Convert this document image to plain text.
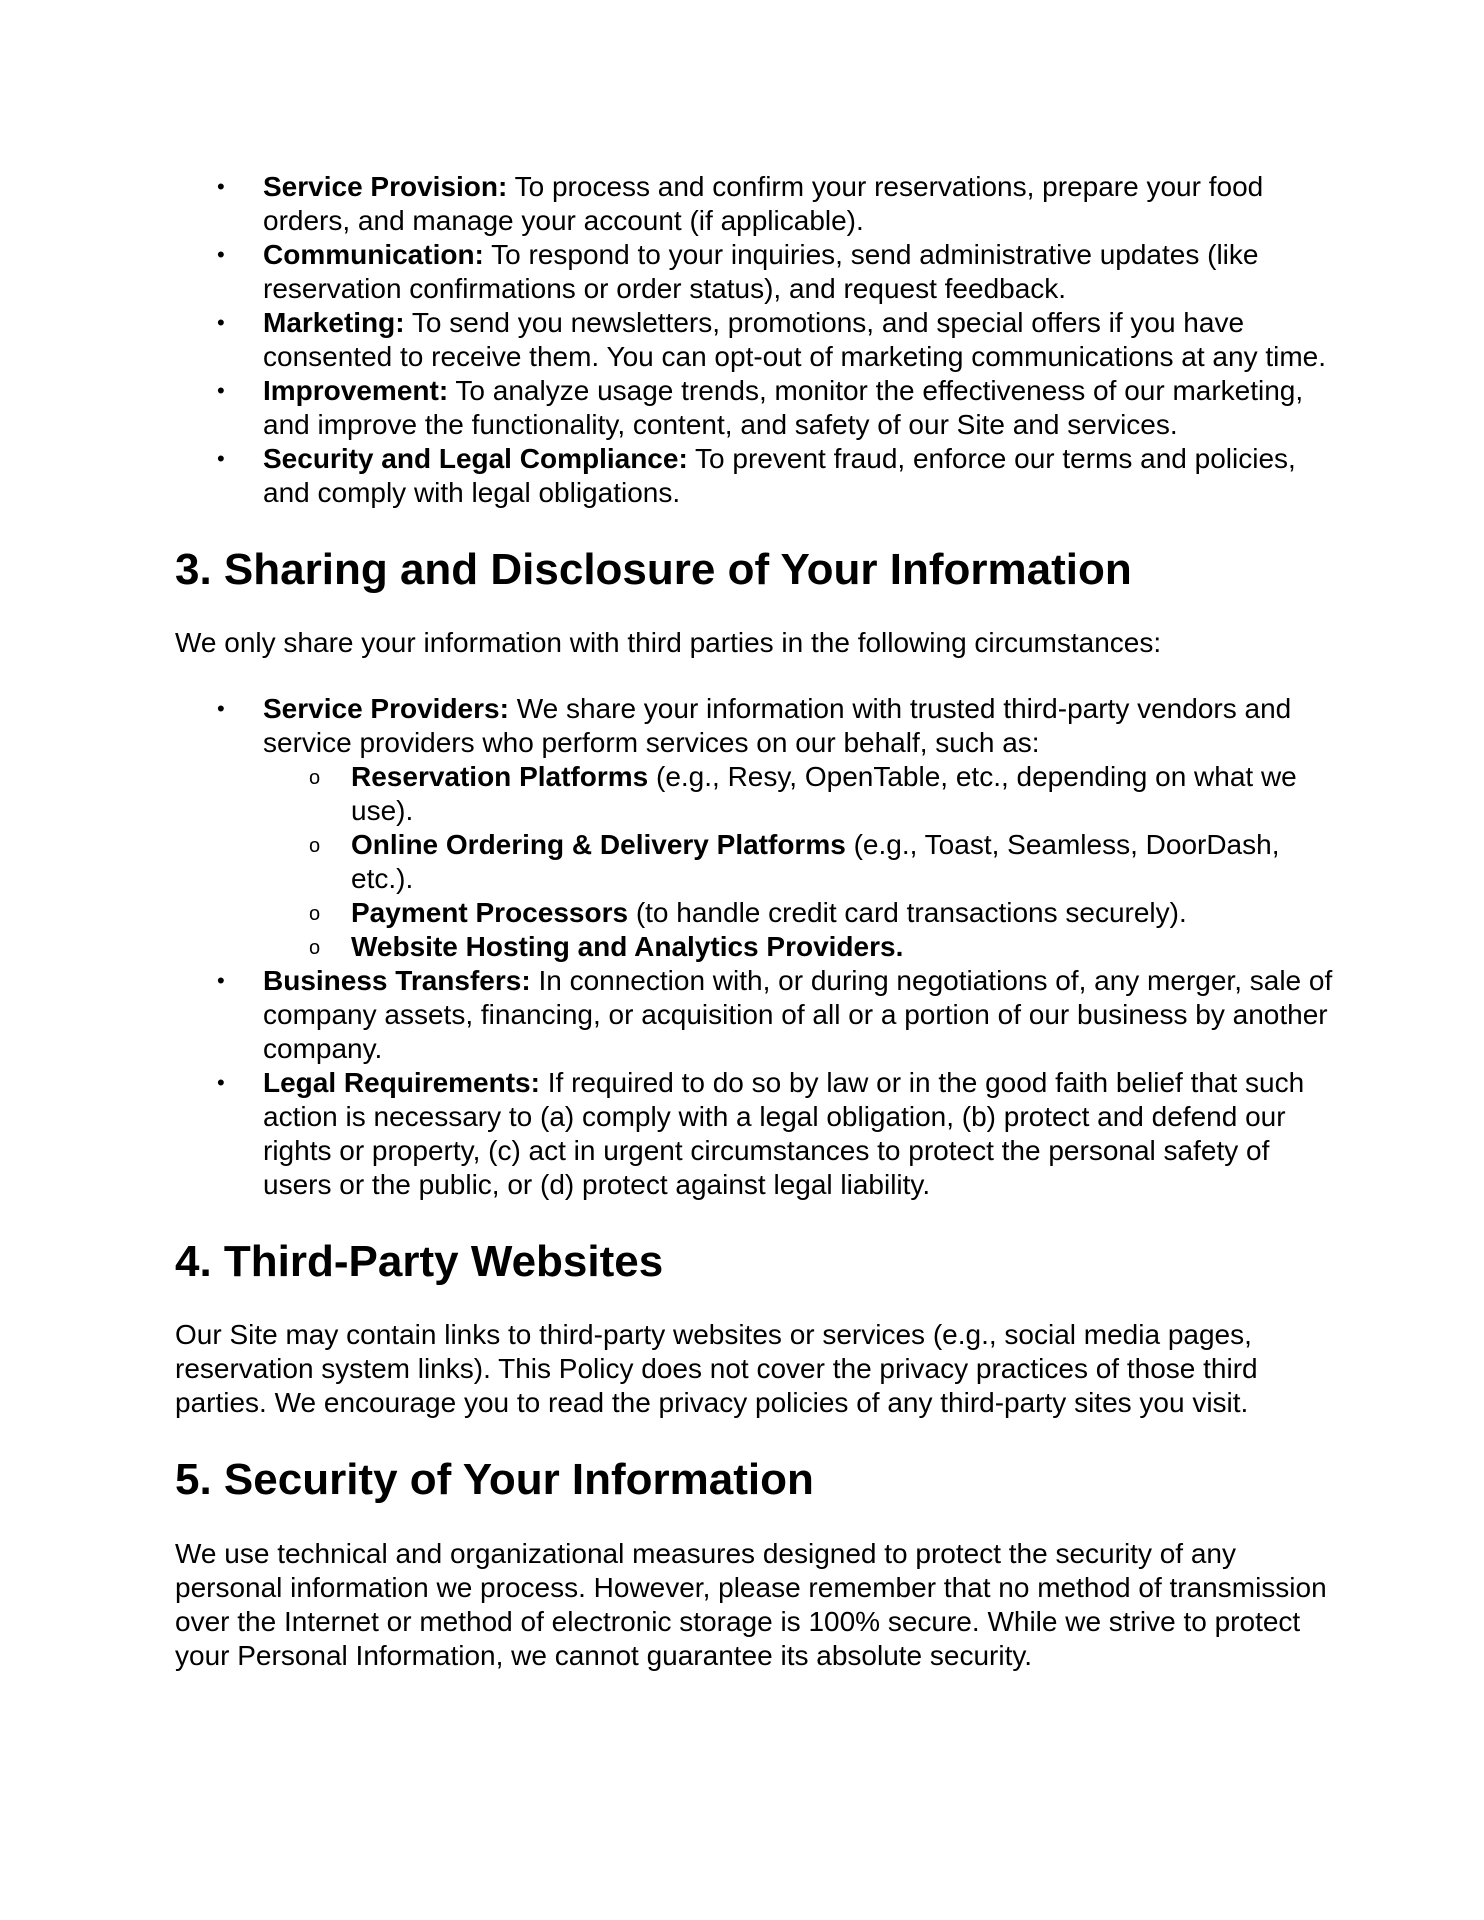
• Service Provision: To process and confirm your reservations, prepare your food orders, and manage your account (if applicable).
• Communication: To respond to your inquiries, send administrative updates (like reservation confirmations or order status), and request feedback.
• Marketing: To send you newsletters, promotions, and special offers if you have consented to receive them. You can opt-out of marketing communications at any time.
• Improvement: To analyze usage trends, monitor the effectiveness of our marketing, and improve the functionality, content, and safety of our Site and services.
• Security and Legal Compliance: To prevent fraud, enforce our terms and policies, and comply with legal obligations.
3. Sharing and Disclosure of Your Information

We only share your information with third parties in the following circumstances:

• Service Providers: We share your information with trusted third-party vendors and service providers who perform services on our behalf, such as:
o Reservation Platforms (e.g., Resy, OpenTable, etc., depending on what we use).
o Online Ordering & Delivery Platforms (e.g., Toast, Seamless, DoorDash, etc.).
o Payment Processors (to handle credit card transactions securely).
o Website Hosting and Analytics Providers.
• Business Transfers: In connection with, or during negotiations of, any merger, sale of company assets, financing, or acquisition of all or a portion of our business by another company.
• Legal Requirements: If required to do so by law or in the good faith belief that such action is necessary to (a) comply with a legal obligation, (b) protect and defend our rights or property, (c) act in urgent circumstances to protect the personal safety of users or the public, or (d) protect against legal liability.
4. Third-Party Websites

Our Site may contain links to third-party websites or services (e.g., social media pages, reservation system links). This Policy does not cover the privacy practices of those third parties. We encourage you to read the privacy policies of any third-party sites you visit.

5. Security of Your Information

We use technical and organizational measures designed to protect the security of any personal information we process. However, please remember that no method of transmission over the Internet or method of electronic storage is 100% secure. While we strive to protect your Personal Information, we cannot guarantee its absolute security.
